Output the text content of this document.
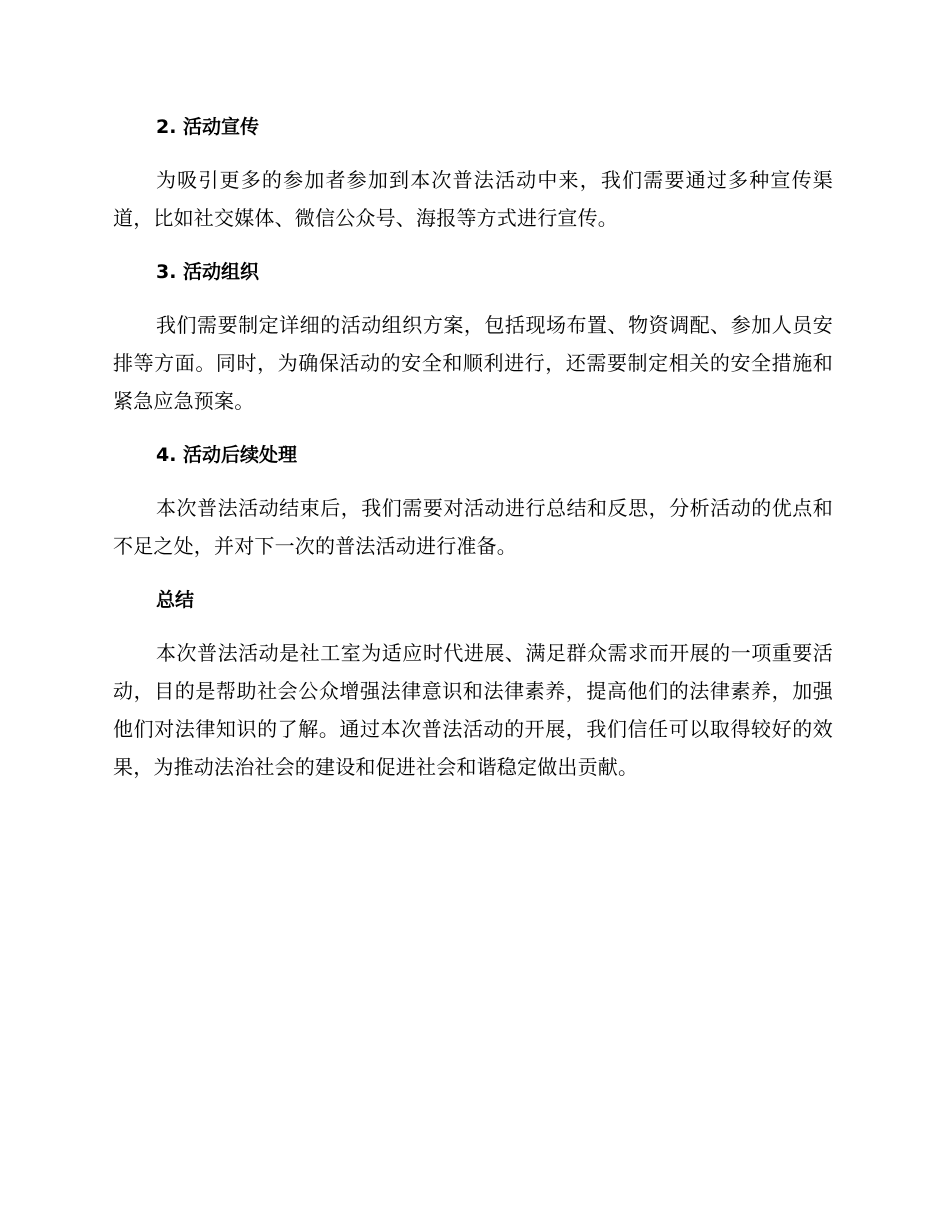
2. 活动宣传

为吸引更多的参加者参加到本次普法活动中来，我们需要通过多种宣传渠道，比如社交媒体、微信公众号、海报等方式进行宣传。

3. 活动组织

我们需要制定详细的活动组织方案，包括现场布置、物资调配、参加人员安排等方面。同时，为确保活动的安全和顺利进行，还需要制定相关的安全措施和紧急应急预案。

4. 活动后续处理

本次普法活动结束后，我们需要对活动进行总结和反思，分析活动的优点和不足之处，并对下一次的普法活动进行准备。

总结

本次普法活动是社工室为适应时代进展、满足群众需求而开展的一项重要活动，目的是帮助社会公众增强法律意识和法律素养，提高他们的法律素养，加强他们对法律知识的了解。通过本次普法活动的开展，我们信任可以取得较好的效果，为推动法治社会的建设和促进社会和谐稳定做出贡献。
